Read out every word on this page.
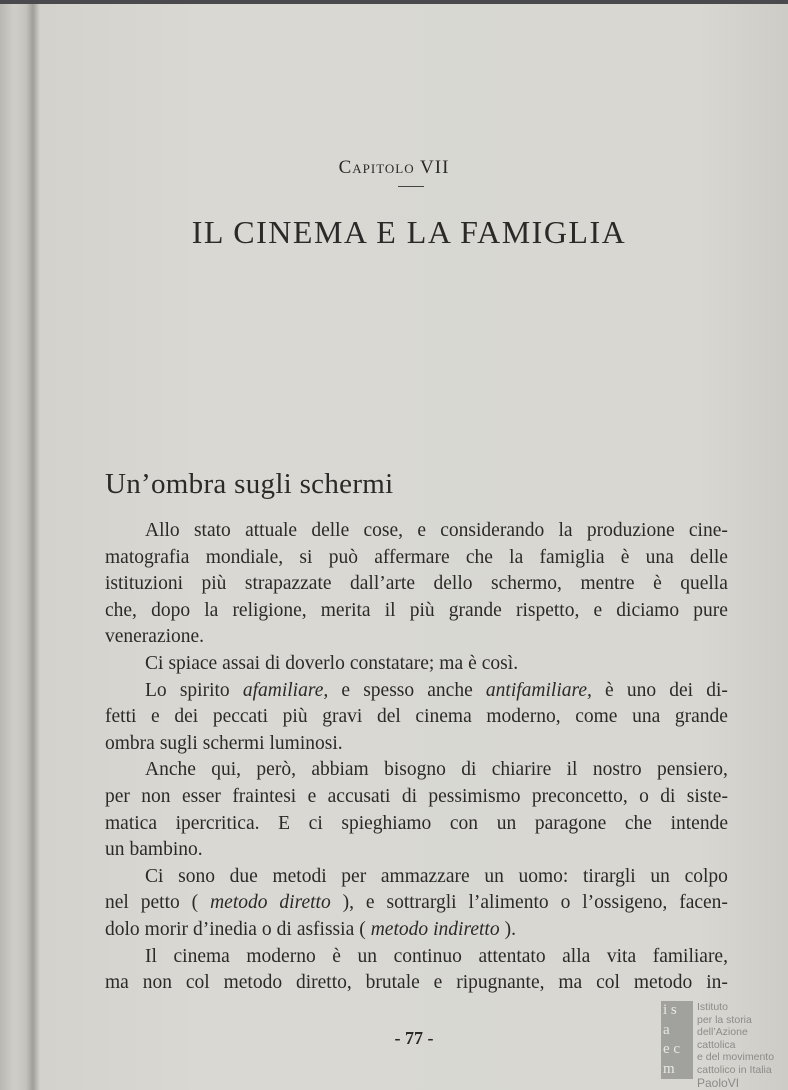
Capitolo VII
IL CINEMA E LA FAMIGLIA
Un’ombra sugli schermi
Allo stato attuale delle cose, e considerando la produzione cine-
matografia mondiale, si può affermare che la famiglia è una delle
istituzioni più strapazzate dall’arte dello schermo, mentre è quella
che, dopo la religione, merita il più grande rispetto, e diciamo pure
venerazione.
Ci spiace assai di doverlo constatare; ma è così.
Lo spirito afamiliare, e spesso anche antifamiliare, è uno dei di-
fetti e dei peccati più gravi del cinema moderno, come una grande
ombra sugli schermi luminosi.
Anche qui, però, abbiam bisogno di chiarire il nostro pensiero,
per non esser fraintesi e accusati di pessimismo preconcetto, o di siste-
matica ipercritica. E ci spieghiamo con un paragone che intende
un bambino.
Ci sono due metodi per ammazzare un uomo: tirargli un colpo
nel petto ( metodo diretto ), e sottrargli l’alimento o l’ossigeno, facen-
dolo morir d’inedia o di asfissia ( metodo indiretto ).
Il cinema moderno è un continuo attentato alla vita familiare,
ma non col metodo diretto, brutale e ripugnante, ma col metodo in-
- 77 -
i s
a
e c
m
Istituto
per la storia
dell’Azione cattolica
e del movimento
cattolico in Italia
PaoloVI
